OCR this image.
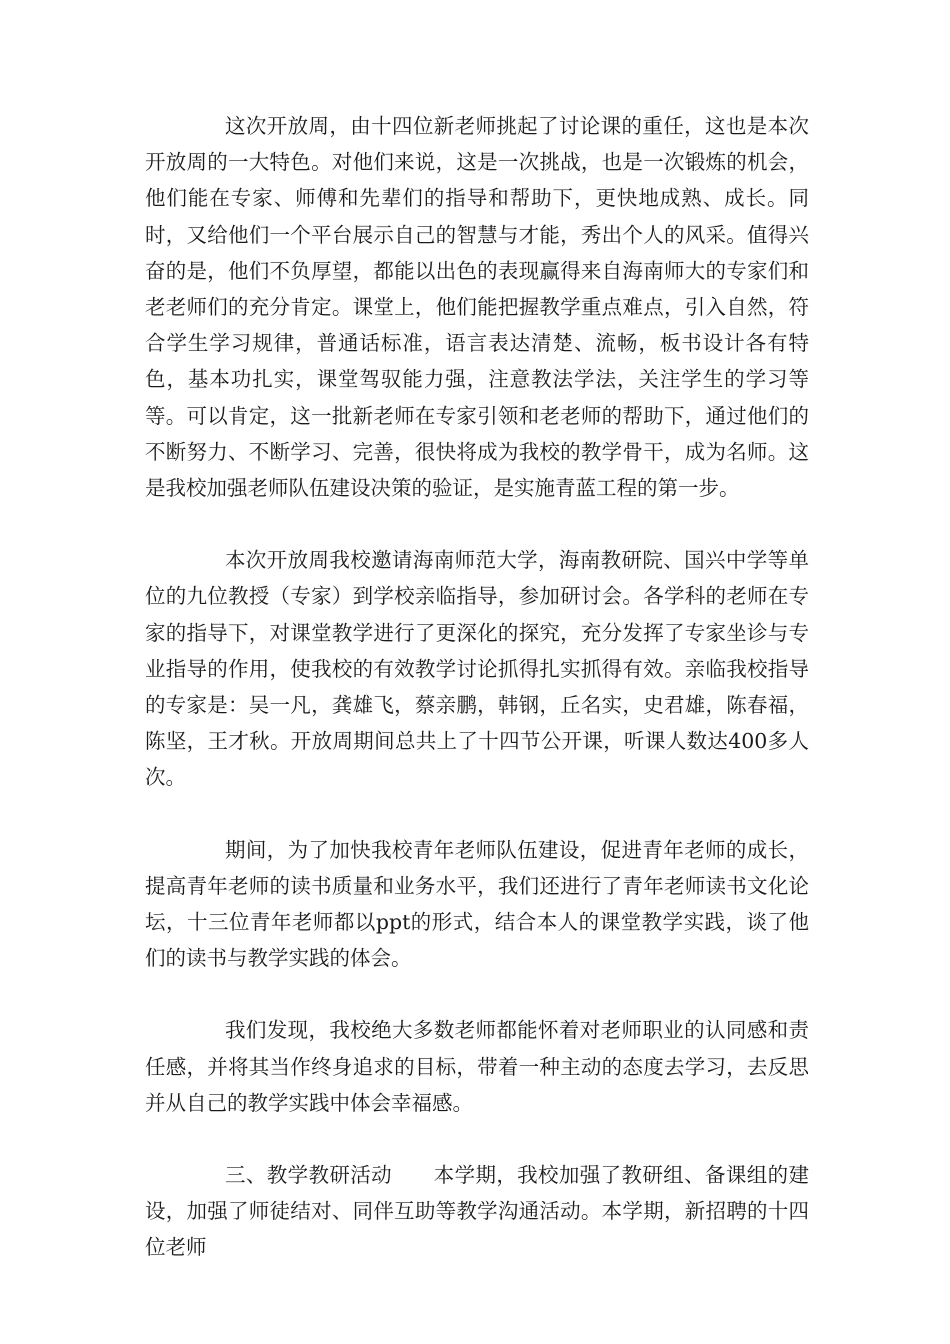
这次开放周，由十四位新老师挑起了讨论课的重任，这也是本次开放周的一大特色。对他们来说，这是一次挑战，也是一次锻炼的机会，他们能在专家、师傅和先辈们的指导和帮助下，更快地成熟、成长。同时，又给他们一个平台展示自己的智慧与才能，秀出个人的风采。值得兴奋的是，他们不负厚望，都能以出色的表现赢得来自海南师大的专家们和老老师们的充分肯定。课堂上，他们能把握教学重点难点，引入自然，符合学生学习规律，普通话标准，语言表达清楚、流畅，板书设计各有特色，基本功扎实，课堂驾驭能力强，注意教法学法，关注学生的学习等等。可以肯定，这一批新老师在专家引领和老老师的帮助下，通过他们的不断努力、不断学习、完善，很快将成为我校的教学骨干，成为名师。这是我校加强老师队伍建设决策的验证，是实施青蓝工程的第一步。

本次开放周我校邀请海南师范大学，海南教研院、国兴中学等单位的九位教授（专家）到学校亲临指导，参加研讨会。各学科的老师在专家的指导下，对课堂教学进行了更深化的探究，充分发挥了专家坐诊与专业指导的作用，使我校的有效教学讨论抓得扎实抓得有效。亲临我校指导的专家是：吴一凡，龚雄飞，蔡亲鹏，韩钢，丘名实，史君雄，陈春福，陈坚，王才秋。开放周期间总共上了十四节公开课，听课人数达400多人次。

期间，为了加快我校青年老师队伍建设，促进青年老师的成长，提高青年老师的读书质量和业务水平，我们还进行了青年老师读书文化论坛，十三位青年老师都以ppt的形式，结合本人的课堂教学实践，谈了他们的读书与教学实践的体会。

我们发现，我校绝大多数老师都能怀着对老师职业的认同感和责任感，并将其当作终身追求的目标，带着一种主动的态度去学习，去反思并从自己的教学实践中体会幸福感。

三、教学教研活动　　本学期，我校加强了教研组、备课组的建设，加强了师徒结对、同伴互助等教学沟通活动。本学期，新招聘的十四位老师
